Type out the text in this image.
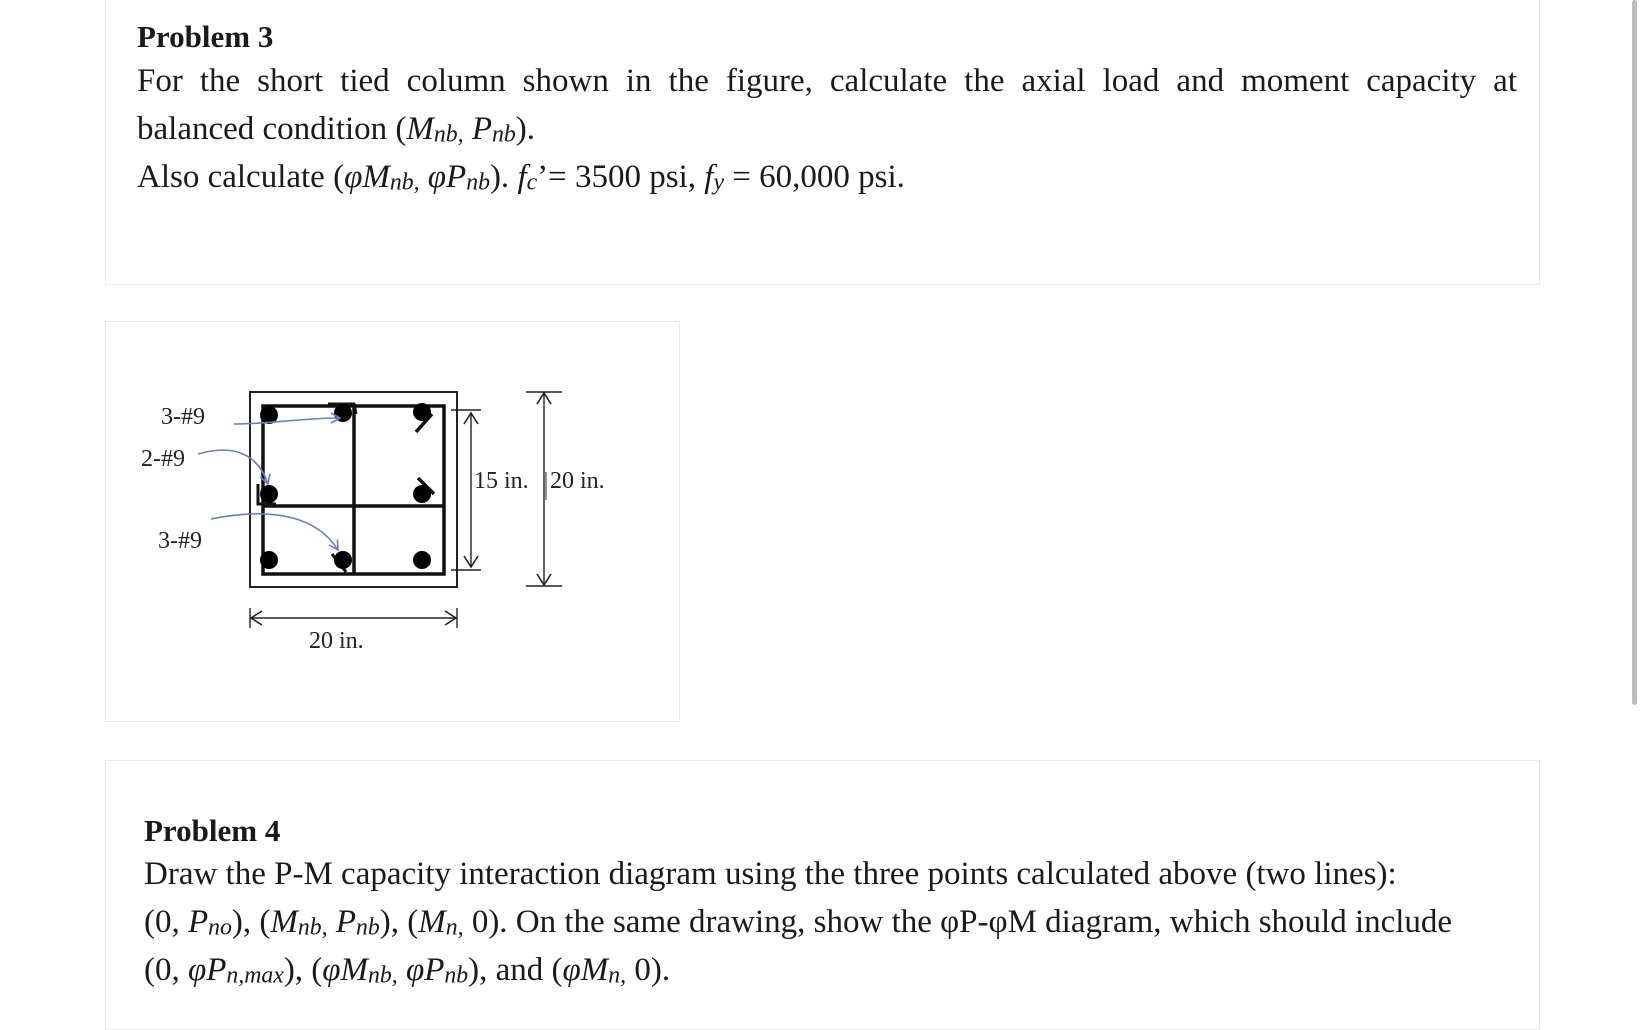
Problem 3
For the short tied column shown in the figure, calculate the axial load and moment capacity at
balanced condition (Mnb, Pnb).
Also calculate (φMnb, φPnb). fc’= 3500 psi, fy = 60,000 psi.
3-#9
2-#9
3-#9
15 in. 20 in.
20 in.
Problem 4
Draw the P-M capacity interaction diagram using the three points calculated above (two lines):
(0, Pno), (Mnb, Pnb), (Mn, 0). On the same drawing, show the φP-φM diagram, which should include
(0, φPn,max), (φMnb, φPnb), and (φMn, 0).
